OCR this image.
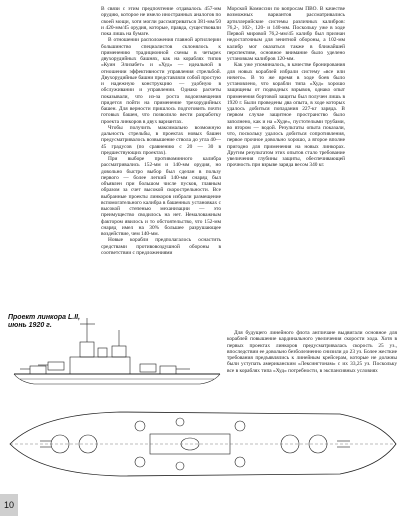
В связи с этим предпочтение отдавалось 457-мм орудию, которое не имело иностранных аналогов по своей мощи, хотя могли рассматриваться 381-мм/50 и 420-мм/45 орудия, которые, правда, существовали пока лишь на бумаге.

В отношении расположения главной артиллерии большинство специалистов склонялось к применению традиционной схемы в четырех двухорудийных башнях, как на кораблях типов «Куин Элизабет» и «Худ» — идеальной в отношении эффективности управления стрельбой. Двухорудийные башни представляли собой простую и надежную конструкцию — удобную в обслуживании и управлении. Однако расчеты показывали, что из-за роста водоизмещения придется пойти на применение трехорудийных башен. Для верности пришлось подготовить почти готовых башен, что позволило вести разработку проекта линкоров в двух вариантах.

Чтобы получить максимально возможную дальность стрельбы, в проектах новых башен предусматривалось возвышение ствола до угла 40—45 градусов (по сравнению с 20 — 30 в предшествующих проектах).

При выборе противоминного калибра рассматривались 152-мм и 140-мм орудия, но довольно быстро выбор был сделан в пользу первого — более легкий 140-мм снаряд был объявлен при большом числе пусков, главным образом за счет высокой скорострельности. Все выбранные проекты линкоров избрали размещение вспомогательного калибра в башенных установках с высокой степенью механизации — это преимущество сводилось на нет. Немаловажным фактором явилось и то обстоятельство, что 152-мм снаряд имел на 30% большее разрушающее воздействие, чем 140-мм.

Новые корабли предполагалось оснастить средствами противовоздушной обороны в соответствии с предложениями

Морской Комиссии по вопросам ПВО. В качестве возможных вариантов рассматривались артиллерийские системы различных калибров: 76,2-, 102-, 120- и 140-мм. Поскольку уже в ходе Первой мировой 76,2-мм/45 калибр был признан недостаточным для зенитной обороны, а 102-мм калибр мог оказаться также в ближайшей перспективе, основное внимание было уделено установкам калибров 120-мм.

Как уже упоминалось, в качестве бронирования для новых кораблей избрали систему «все или ничего». В то же время в ходе боев было установлено, что корабли типа «Худ» хорошо защищены от подводных взрывов, однако опыт применения бортовой защиты был получен лишь в 1920 г. Были проведены два опыта, в ходе которых удалось добиться попадания 227-кг заряда. В первом случае защитное пространство было заполнено, как и на «Худе», пустотелыми трубами, во втором — водой. Результаты опыта показали, что, поскольку удалось добиться сопротивления, первое прочное довольно хорошо, а второе вполне пригодно для применения на новых линкорах. Другим результатом этих опытов стало требование увеличения глубины защиты, обеспечивающей прочность при взрыве заряда весом 340 кг.

Проект линкора L.II, июнь 1920 г.

Для будущего линейного флота англичане выдвигали основное для кораблей повышение кардинального увеличения скорости хода. Хотя в первых проектах линкоров предусматривалась скорость 25 уз., впоследствии ее довольно безболезненно снизили до 23 уз. Более жесткие требования предъявлялись к линейным крейсерам, которые не должны были уступать американским «Лексингтонам» с их 33,25 уз. Поскольку все в кораблях типа «Худ» потребности, в экспансивных условиях

10
